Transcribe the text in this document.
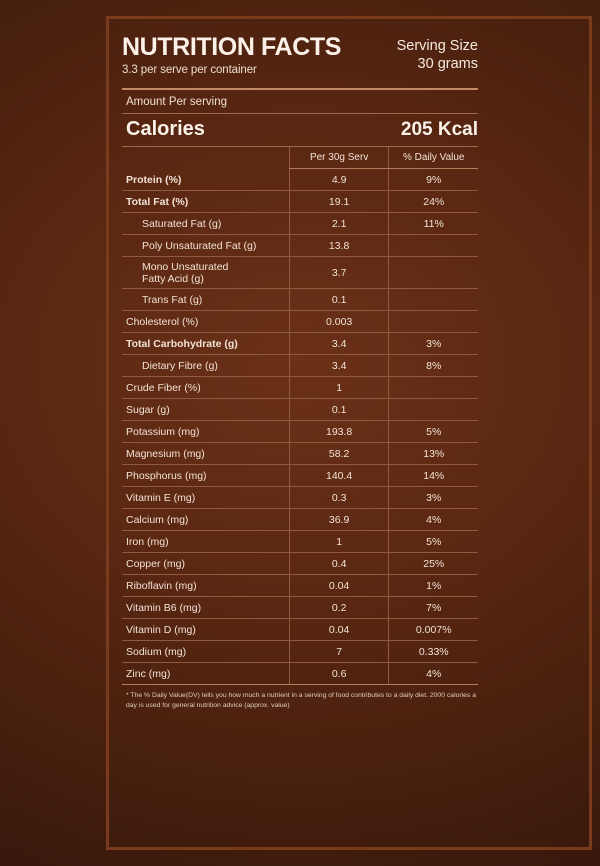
NUTRITION FACTS
3.3 per serve per container
Serving Size
30 grams
Amount Per serving
Calories	205 Kcal
	Per 30g Serv	% Daily Value
Protein (%)	4.9	9%
Total Fat (%)	19.1	24%
Saturated Fat (g)	2.1	11%
Poly Unsaturated Fat (g)	13.8	
Mono Unsaturated
Fatty Acid (g)	3.7	
Trans Fat (g)	0.1	
Cholesterol (%)	0.003	
Total Carbohydrate (g)	3.4	3%
Dietary Fibre (g)	3.4	8%
Crude Fiber (%)	1	
Sugar (g)	0.1	
Potassium (mg)	193.8	5%
Magnesium (mg)	58.2	13%
Phosphorus (mg)	140.4	14%
Vitamin E (mg)	0.3	3%
Calcium (mg)	36.9	4%
Iron (mg)	1	5%
Copper (mg)	0.4	25%
Riboflavin (mg)	0.04	1%
Vitamin B6 (mg)	0.2	7%
Vitamin D (mg)	0.04	0.007%
Sodium (mg)	7	0.33%
Zinc (mg)	0.6	4%
* The % Daily Value(DV) tells you how much a nutrient in a serving of food contributes to a daily diet. 2000 calories a day is used for general nutrition advice (approx. value)
